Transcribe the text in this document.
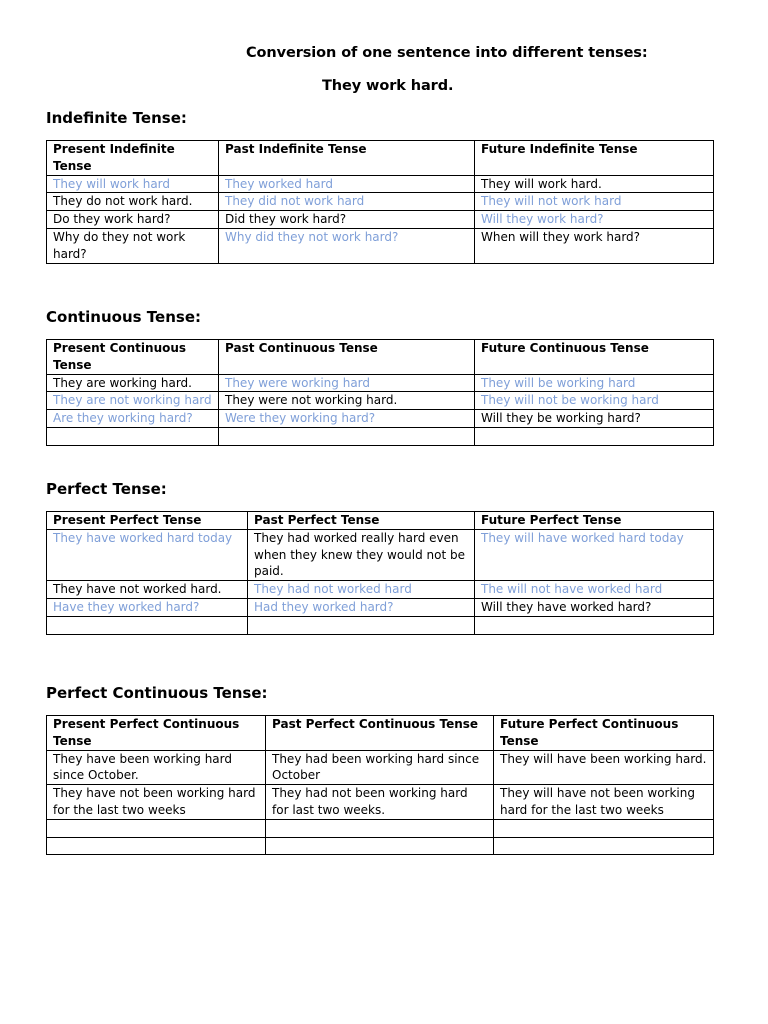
Conversion of one sentence into different tenses:
They work hard.
Indefinite Tense:
Present Indefinite Tense	Past Indefinite Tense	Future Indefinite Tense
They will work hard	They worked hard	They will work hard.
They do not work hard.	They did not work hard	They will not work hard
Do they work hard?	Did they work hard?	Will they work hard?
Why do they not work hard?	Why did they not work hard?	When will they work hard?
Continuous Tense:
Present Continuous Tense	Past Continuous Tense	Future Continuous Tense
They are working hard.	They were working hard	They will be working hard
They are not working hard	They were not working hard.	They will not be working hard
Are they working hard?	Were they working hard?	Will they be working hard?

Perfect Tense:
Present Perfect Tense	Past Perfect Tense	Future Perfect Tense
They have worked hard today	They had worked really hard even when they knew they would not be paid.	They will have worked hard today
They have not worked hard.	They had not worked hard	The will not have worked hard
Have they worked hard?	Had they worked hard?	Will they have worked hard?

Perfect Continuous Tense:
Present Perfect Continuous Tense	Past Perfect Continuous Tense	Future Perfect Continuous Tense
They have been working hard since October.	They had been working hard since October	They will have been working hard.
They have not been working hard for the last two weeks	They had not been working hard for last two weeks.	They will have not been working hard for the last two weeks
